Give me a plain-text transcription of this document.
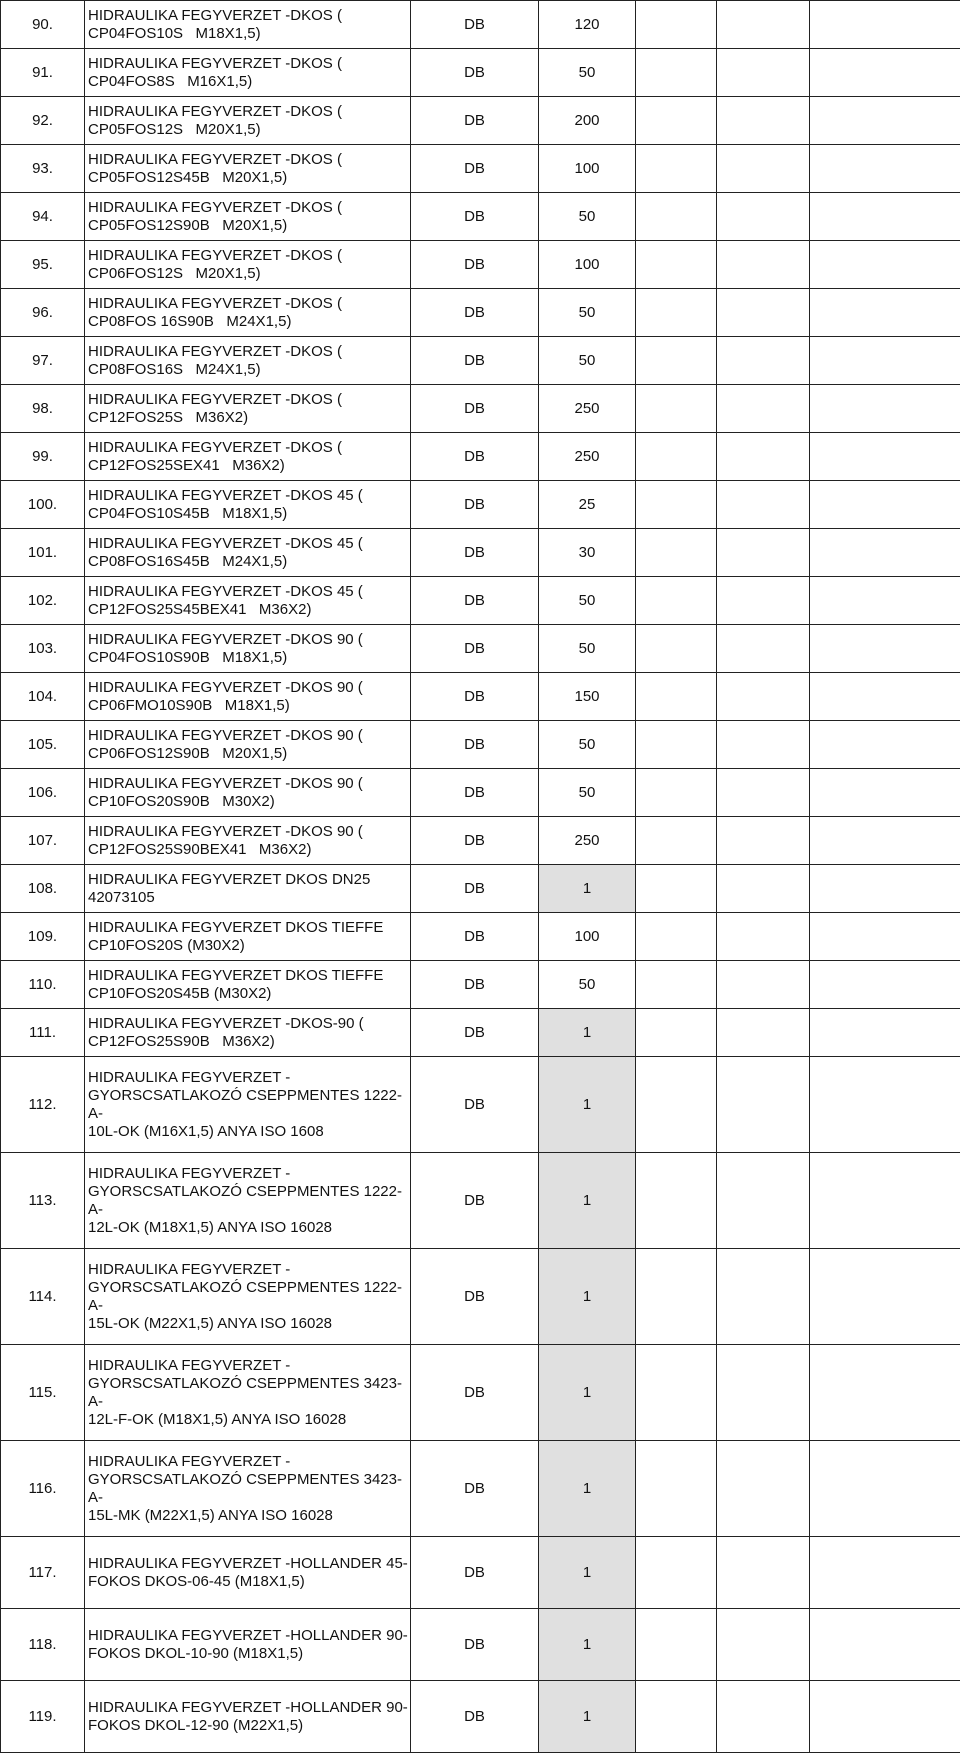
90.	HIDRAULIKA FEGYVERZET -DKOS (
CP04FOS10S   M18X1,5)	DB	120			
91.	HIDRAULIKA FEGYVERZET -DKOS (
CP04FOS8S   M16X1,5)	DB	50			
92.	HIDRAULIKA FEGYVERZET -DKOS (
CP05FOS12S   M20X1,5)	DB	200			
93.	HIDRAULIKA FEGYVERZET -DKOS (
CP05FOS12S45B   M20X1,5)	DB	100			
94.	HIDRAULIKA FEGYVERZET -DKOS (
CP05FOS12S90B   M20X1,5)	DB	50			
95.	HIDRAULIKA FEGYVERZET -DKOS (
CP06FOS12S   M20X1,5)	DB	100			
96.	HIDRAULIKA FEGYVERZET -DKOS (
CP08FOS 16S90B   M24X1,5)	DB	50			
97.	HIDRAULIKA FEGYVERZET -DKOS (
CP08FOS16S   M24X1,5)	DB	50			
98.	HIDRAULIKA FEGYVERZET -DKOS (
CP12FOS25S   M36X2)	DB	250			
99.	HIDRAULIKA FEGYVERZET -DKOS (
CP12FOS25SEX41   M36X2)	DB	250			
100.	HIDRAULIKA FEGYVERZET -DKOS 45 (
CP04FOS10S45B   M18X1,5)	DB	25			
101.	HIDRAULIKA FEGYVERZET -DKOS 45 (
CP08FOS16S45B   M24X1,5)	DB	30			
102.	HIDRAULIKA FEGYVERZET -DKOS 45 (
CP12FOS25S45BEX41   M36X2)	DB	50			
103.	HIDRAULIKA FEGYVERZET -DKOS 90 (
CP04FOS10S90B   M18X1,5)	DB	50			
104.	HIDRAULIKA FEGYVERZET -DKOS 90 (
CP06FMO10S90B   M18X1,5)	DB	150			
105.	HIDRAULIKA FEGYVERZET -DKOS 90 (
CP06FOS12S90B   M20X1,5)	DB	50			
106.	HIDRAULIKA FEGYVERZET -DKOS 90 (
CP10FOS20S90B   M30X2)	DB	50			
107.	HIDRAULIKA FEGYVERZET -DKOS 90 (
CP12FOS25S90BEX41   M36X2)	DB	250			
108.	HIDRAULIKA FEGYVERZET DKOS DN25
42073105	DB	1			
109.	HIDRAULIKA FEGYVERZET DKOS TIEFFE
CP10FOS20S (M30X2)	DB	100			
110.	HIDRAULIKA FEGYVERZET DKOS TIEFFE
CP10FOS20S45B (M30X2)	DB	50			
111.	HIDRAULIKA FEGYVERZET -DKOS-90 (
CP12FOS25S90B   M36X2)	DB	1			
112.	HIDRAULIKA FEGYVERZET -
GYORSCSATLAKOZÓ CSEPPMENTES 1222-A-
10L-OK (M16X1,5) ANYA ISO 1608	DB	1			
113.	HIDRAULIKA FEGYVERZET -
GYORSCSATLAKOZÓ CSEPPMENTES 1222-A-
12L-OK (M18X1,5) ANYA ISO 16028	DB	1			
114.	HIDRAULIKA FEGYVERZET -
GYORSCSATLAKOZÓ CSEPPMENTES 1222-A-
15L-OK (M22X1,5) ANYA ISO 16028	DB	1			
115.	HIDRAULIKA FEGYVERZET -
GYORSCSATLAKOZÓ CSEPPMENTES 3423-A-
12L-F-OK (M18X1,5) ANYA ISO 16028	DB	1			
116.	HIDRAULIKA FEGYVERZET -
GYORSCSATLAKOZÓ CSEPPMENTES 3423-A-
15L-MK (M22X1,5) ANYA ISO 16028	DB	1			
117.	HIDRAULIKA FEGYVERZET -HOLLANDER 45-
FOKOS DKOS-06-45 (M18X1,5)	DB	1			
118.	HIDRAULIKA FEGYVERZET -HOLLANDER 90-
FOKOS DKOL-10-90 (M18X1,5)	DB	1			
119.	HIDRAULIKA FEGYVERZET -HOLLANDER 90-
FOKOS DKOL-12-90 (M22X1,5)	DB	1			
